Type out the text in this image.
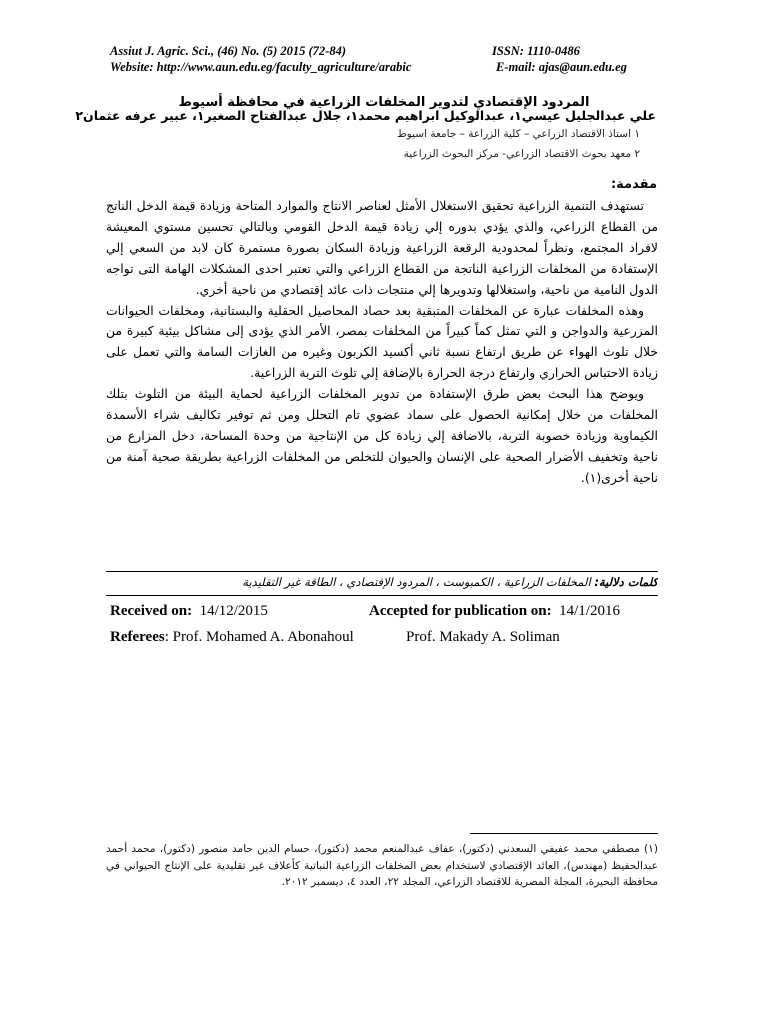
Assiut J. Agric. Sci., (46) No. (5) 2015 (72-84)	ISSN: 1110-0486
Website: http://www.aun.edu.eg/faculty_agriculture/arabic	E-mail: ajas@aun.edu.eg
المردود الإقتصادي لتدوير المخلفات الزراعية في محافظة أسيوط
علي عبدالجليل عيسي١، عبدالوكيل ابراهيم محمد١، جلال عبدالفتاح الصغير١، عبير عرفه عثمان٢
١ استاذ الاقتصاد الزراعي – كلية الزراعة – جامعة اسيوط
٢ معهد بحوث الاقتصاد الزراعي- مركز البحوث الزراعية
مقدمة:

تستهدف التنمية الزراعية تحقيق الاستغلال الأمثل لعناصر الانتاج والموارد المتاحة وزيادة قيمة الدخل الناتج من القطاع الزراعي، والذي يؤدي بدوره إلي زيادة قيمة الدخل القومي وبالتالي تحسين مستوي المعيشة لافراد المجتمع، ونظراً لمحدودية الرقعة الزراعية وزيادة السكان بصورة مستمرة كان لابد من السعي إلي الإستفادة من المخلفات الزراعية الناتجة من القطاع الزراعي والتي تعتبر احدى المشكلات الهامة التى تواجه الدول النامية من ناحية، واستغلالها وتدويرها إلي منتجات ذات عائد إقتصادي من ناحية أخري.

وهذه المخلفات عبارة عن المخلفات المتبقية بعد حصاد المحاصيل الحقلية والبستانية، ومخلفات الحيوانات المزرعية والدواجن و التي تمثل كماً كبيراً من المخلفات بمصر، الأمر الذي يؤدى إلى مشاكل بيئية كبيرة من خلال تلوث الهواء عن طريق ارتفاع نسبة ثاني أكسيد الكربون وغيره من الغازات السامة والتي تعمل على زيادة الاحتباس الحراري وارتفاع درجة الحرارة بالإضافة إلي تلوث التربة الزراعية.

ويوضح هذا البحث بعض طرق الإستفادة من تدوير المخلفات الزراعية لحماية البيئة من التلوث بتلك المخلفات من خلال إمكانية الحصول على سماد عضوي تام التحلل ومن ثم توفير تكاليف شراء الأسمدة الكيماوية وزيادة خصوبة التربة، بالاضافة إلي زيادة كل من الإنتاجية من وحدة المساحة، دخل المزارع من ناحية وتخفيف الأضرار الصحية على الإنسان والحيوان للتخلص من المخلفات الزراعية بطريقة صحية آمنة من ناحية أخرى(١).

كلمات دلالية: المخلفات الزراعية ، الكمبوست ، المردود الإقتصادي ، الطاقة غير التقليدية
Received on: 14/12/2015	Accepted for publication on: 14/1/2016
Referees: Prof. Mohamed A. Abonahoul	Prof. Makady A. Soliman

(١) مصطفي محمد عفيفي السعدني (دكتور)، عفاف عبدالمنعم محمد (دكتور)، حسام الدين حامد منصور (دكتور)، محمد أحمد عبدالحفيظ (مهندس)، العائد الإقتصادي لاستخدام بعض المخلفات الزراعية النباتية كأعلاف غير تقليدية على الإنتاج الحيواني في محافظة البحيرة، المجلة المصرية للاقتصاد الزراعي، المجلد ٢٢، العدد ٤، ديسمبر ٢٠١٢.
